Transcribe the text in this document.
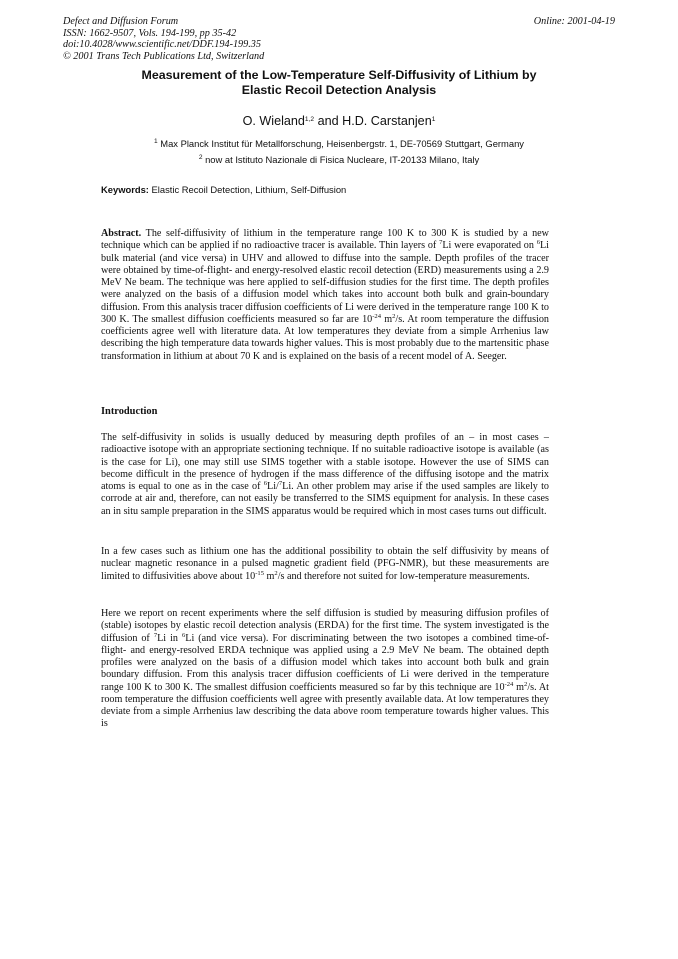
Defect and Diffusion Forum
ISSN: 1662-9507, Vols. 194-199, pp 35-42
doi:10.4028/www.scientific.net/DDF.194-199.35
© 2001 Trans Tech Publications Ltd, Switzerland
Online: 2001-04-19
Measurement of the Low-Temperature Self-Diffusivity of Lithium by
Elastic Recoil Detection Analysis
O. Wieland$^{1,2}$ and H.D. Carstanjen$^1$
$^1$ Max Planck Institut für Metallforschung, Heisenbergstr. 1, DE-70569 Stuttgart, Germany
$^2$ now at Istituto Nazionale di Fisica Nucleare, IT-20133 Milano, Italy
Keywords: Elastic Recoil Detection, Lithium, Self-Diffusion

Abstract. The self-diffusivity of lithium in the temperature range 100 K to 300 K is studied by a new technique which can be applied if no radioactive tracer is available. Thin layers of $^7$Li were evaporated on $^6$Li bulk material (and vice versa) in UHV and allowed to diffuse into the sample. Depth profiles of the tracer were obtained by time-of-flight- and energy-resolved elastic recoil detection (ERD) measurements using a 2.9 MeV Ne beam. The technique was here applied to self-diffusion studies for the first time. The depth profiles were analyzed on the basis of a diffusion model which takes into account both bulk and grain-boundary diffusion. From this analysis tracer diffusion coefficients of Li were derived in the temperature range 100 K to 300 K. The smallest diffusion coefficients measured so far are $10^{-24}$ $m^2/s$. At room temperature the diffusion coefficients agree well with literature data. At low temperatures they deviate from a simple Arrhenius law describing the high temperature data towards higher values. This is most probably due to the martensitic phase transformation in lithium at about 70 K and is explained on the basis of a recent model of A. Seeger.

Introduction

The self-diffusivity in solids is usually deduced by measuring depth profiles of an – in most cases – radioactive isotope with an appropriate sectioning technique. If no suitable radioactive isotope is available (as is the case for Li), one may still use SIMS together with a stable isotope. However the use of SIMS can become difficult in the presence of hydrogen if the mass difference of the diffusing isotope and the matrix atoms is equal to one as in the case of $^6$Li/$^7$Li. An other problem may arise if the used samples are likely to corrode at air and, therefore, can not easily be transferred to the SIMS equipment for analysis. In these cases an in situ sample preparation in the SIMS apparatus would be required which in most cases turns out difficult.

In a few cases such as lithium one has the additional possibility to obtain the self diffusivity by means of nuclear magnetic resonance in a pulsed magnetic gradient field (PFG-NMR), but these measurements are limited to diffusivities above about $10^{-15}$ $m^2/s$ and therefore not suited for low-temperature measurements.

Here we report on recent experiments where the self diffusion is studied by measuring diffusion profiles of (stable) isotopes by elastic recoil detection analysis (ERDA) for the first time. The system investigated is the diffusion of $^7$Li in $^6$Li (and vice versa). For discriminating between the two isotopes a combined time-of-flight- and energy-resolved ERDA technique was applied using a 2.9 MeV Ne beam. The obtained depth profiles were analyzed on the basis of a diffusion model which takes into account both bulk and grain boundary diffusion. From this analysis tracer diffusion coefficients of Li were derived in the temperature range 100 K to 300 K. The smallest diffusion coefficients measured so far by this technique are $10^{-24}$ $m^2/s$. At room temperature the diffusion coefficients well agree with presently available data. At low temperatures they deviate from a simple Arrhenius law describing the data above room temperature towards higher values. This is
